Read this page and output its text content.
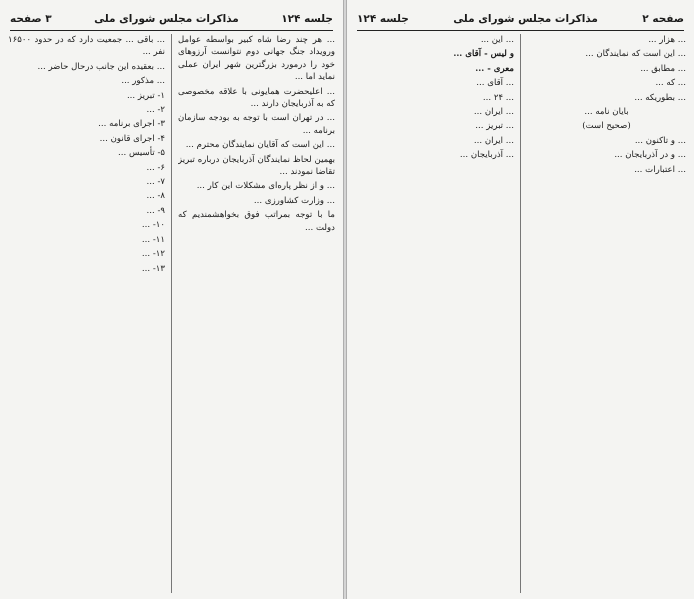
جلسه ۱۲۴
مذاکرات مجلس شورای ملی
۳ صفحه

... هر چند رضا شاه کبیر بواسطه عوامل ورویداد جنگ جهانی دوم نتوانست آرزوهای خود را درمورد بزرگترین شهر ایران عملی نماید اما ...

... اعلیحضرت همایونی با علاقه مخصوصی که به آذربایجان دارند ...

... در تهران است با توجه به بودجه سازمان برنامه ...

... این است که آقایان نمایندگان محترم ...

بهمین لحاظ نمایندگان آذربایجان درباره تبریز تقاضا نمودند ...

... و از نظر پاره‌ای مشکلات این کار ...

... وزارت کشاورزی ...

ما با توجه بمراتب فوق بخواهشمندیم که دولت ...

... باقی ... جمعیت دارد که در حدود ۱۶۵۰۰ نفر ...

... بعقیده این جانب درحال حاضر ...

... مذکور ...

۱- تبریز ...

۲- ...

۳- اجرای برنامه ...

۴- اجرای قانون ...

۵- تأسیس ...

۶- ...

۷- ...

۸- ...

۹- ...

۱۰- ...

۱۱- ...

۱۲- ...

۱۳- ...

صفحه ۲
مذاکرات مجلس شورای ملی
جلسه ۱۲۴

... هزار ...

... این است که نمایندگان ...

... مطابق ...

... که ...

... بطوریکه ...

بایان نامه ...

(صحیح است)

... و تاکنون ...

... و در آذربایجان ...

... اعتبارات ...

... این ...

و لیس - آقای ...

معری - ...

... آقای ...

... ۲۴ ...

... ایران ...

... تبریز ...

... ایران ...

... آذربایجان ...
